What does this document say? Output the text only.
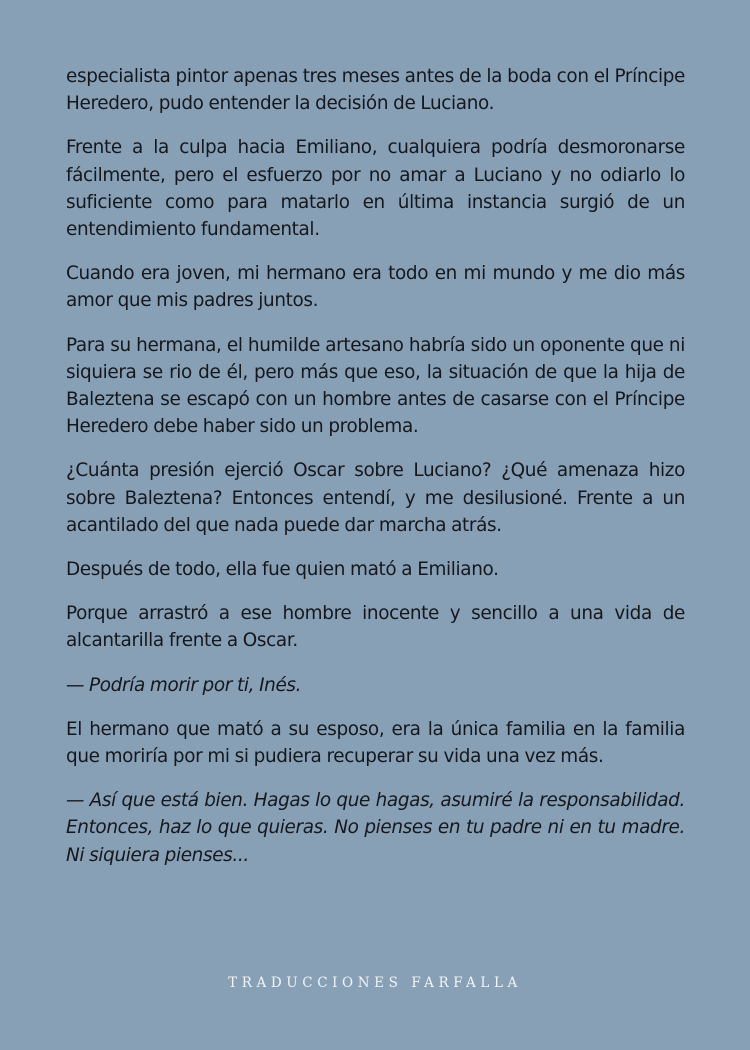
especialista pintor apenas tres meses antes de la boda con el Príncipe Heredero, pudo entender la decisión de Luciano.

Frente a la culpa hacia Emiliano, cualquiera podría desmoronarse fácilmente, pero el esfuerzo por no amar a Luciano y no odiarlo lo suficiente como para matarlo en última instancia surgió de un entendimiento fundamental.

Cuando era joven, mi hermano era todo en mi mundo y me dio más amor que mis padres juntos.

Para su hermana, el humilde artesano habría sido un oponente que ni siquiera se rio de él, pero más que eso, la situación de que la hija de Baleztena se escapó con un hombre antes de casarse con el Príncipe Heredero debe haber sido un problema.

¿Cuánta presión ejerció Oscar sobre Luciano? ¿Qué amenaza hizo sobre Baleztena? Entonces entendí, y me desilusioné. Frente a un acantilado del que nada puede dar marcha atrás.

Después de todo, ella fue quien mató a Emiliano.

Porque arrastró a ese hombre inocente y sencillo a una vida de alcantarilla frente a Oscar.

— Podría morir por ti, Inés.

El hermano que mató a su esposo, era la única familia en la familia que moriría por mi si pudiera recuperar su vida una vez más.

— Así que está bien. Hagas lo que hagas, asumiré la responsabilidad. Entonces, haz lo que quieras. No pienses en tu padre ni en tu madre. Ni siquiera pienses...

TRADUCCIONES FARFALLA
